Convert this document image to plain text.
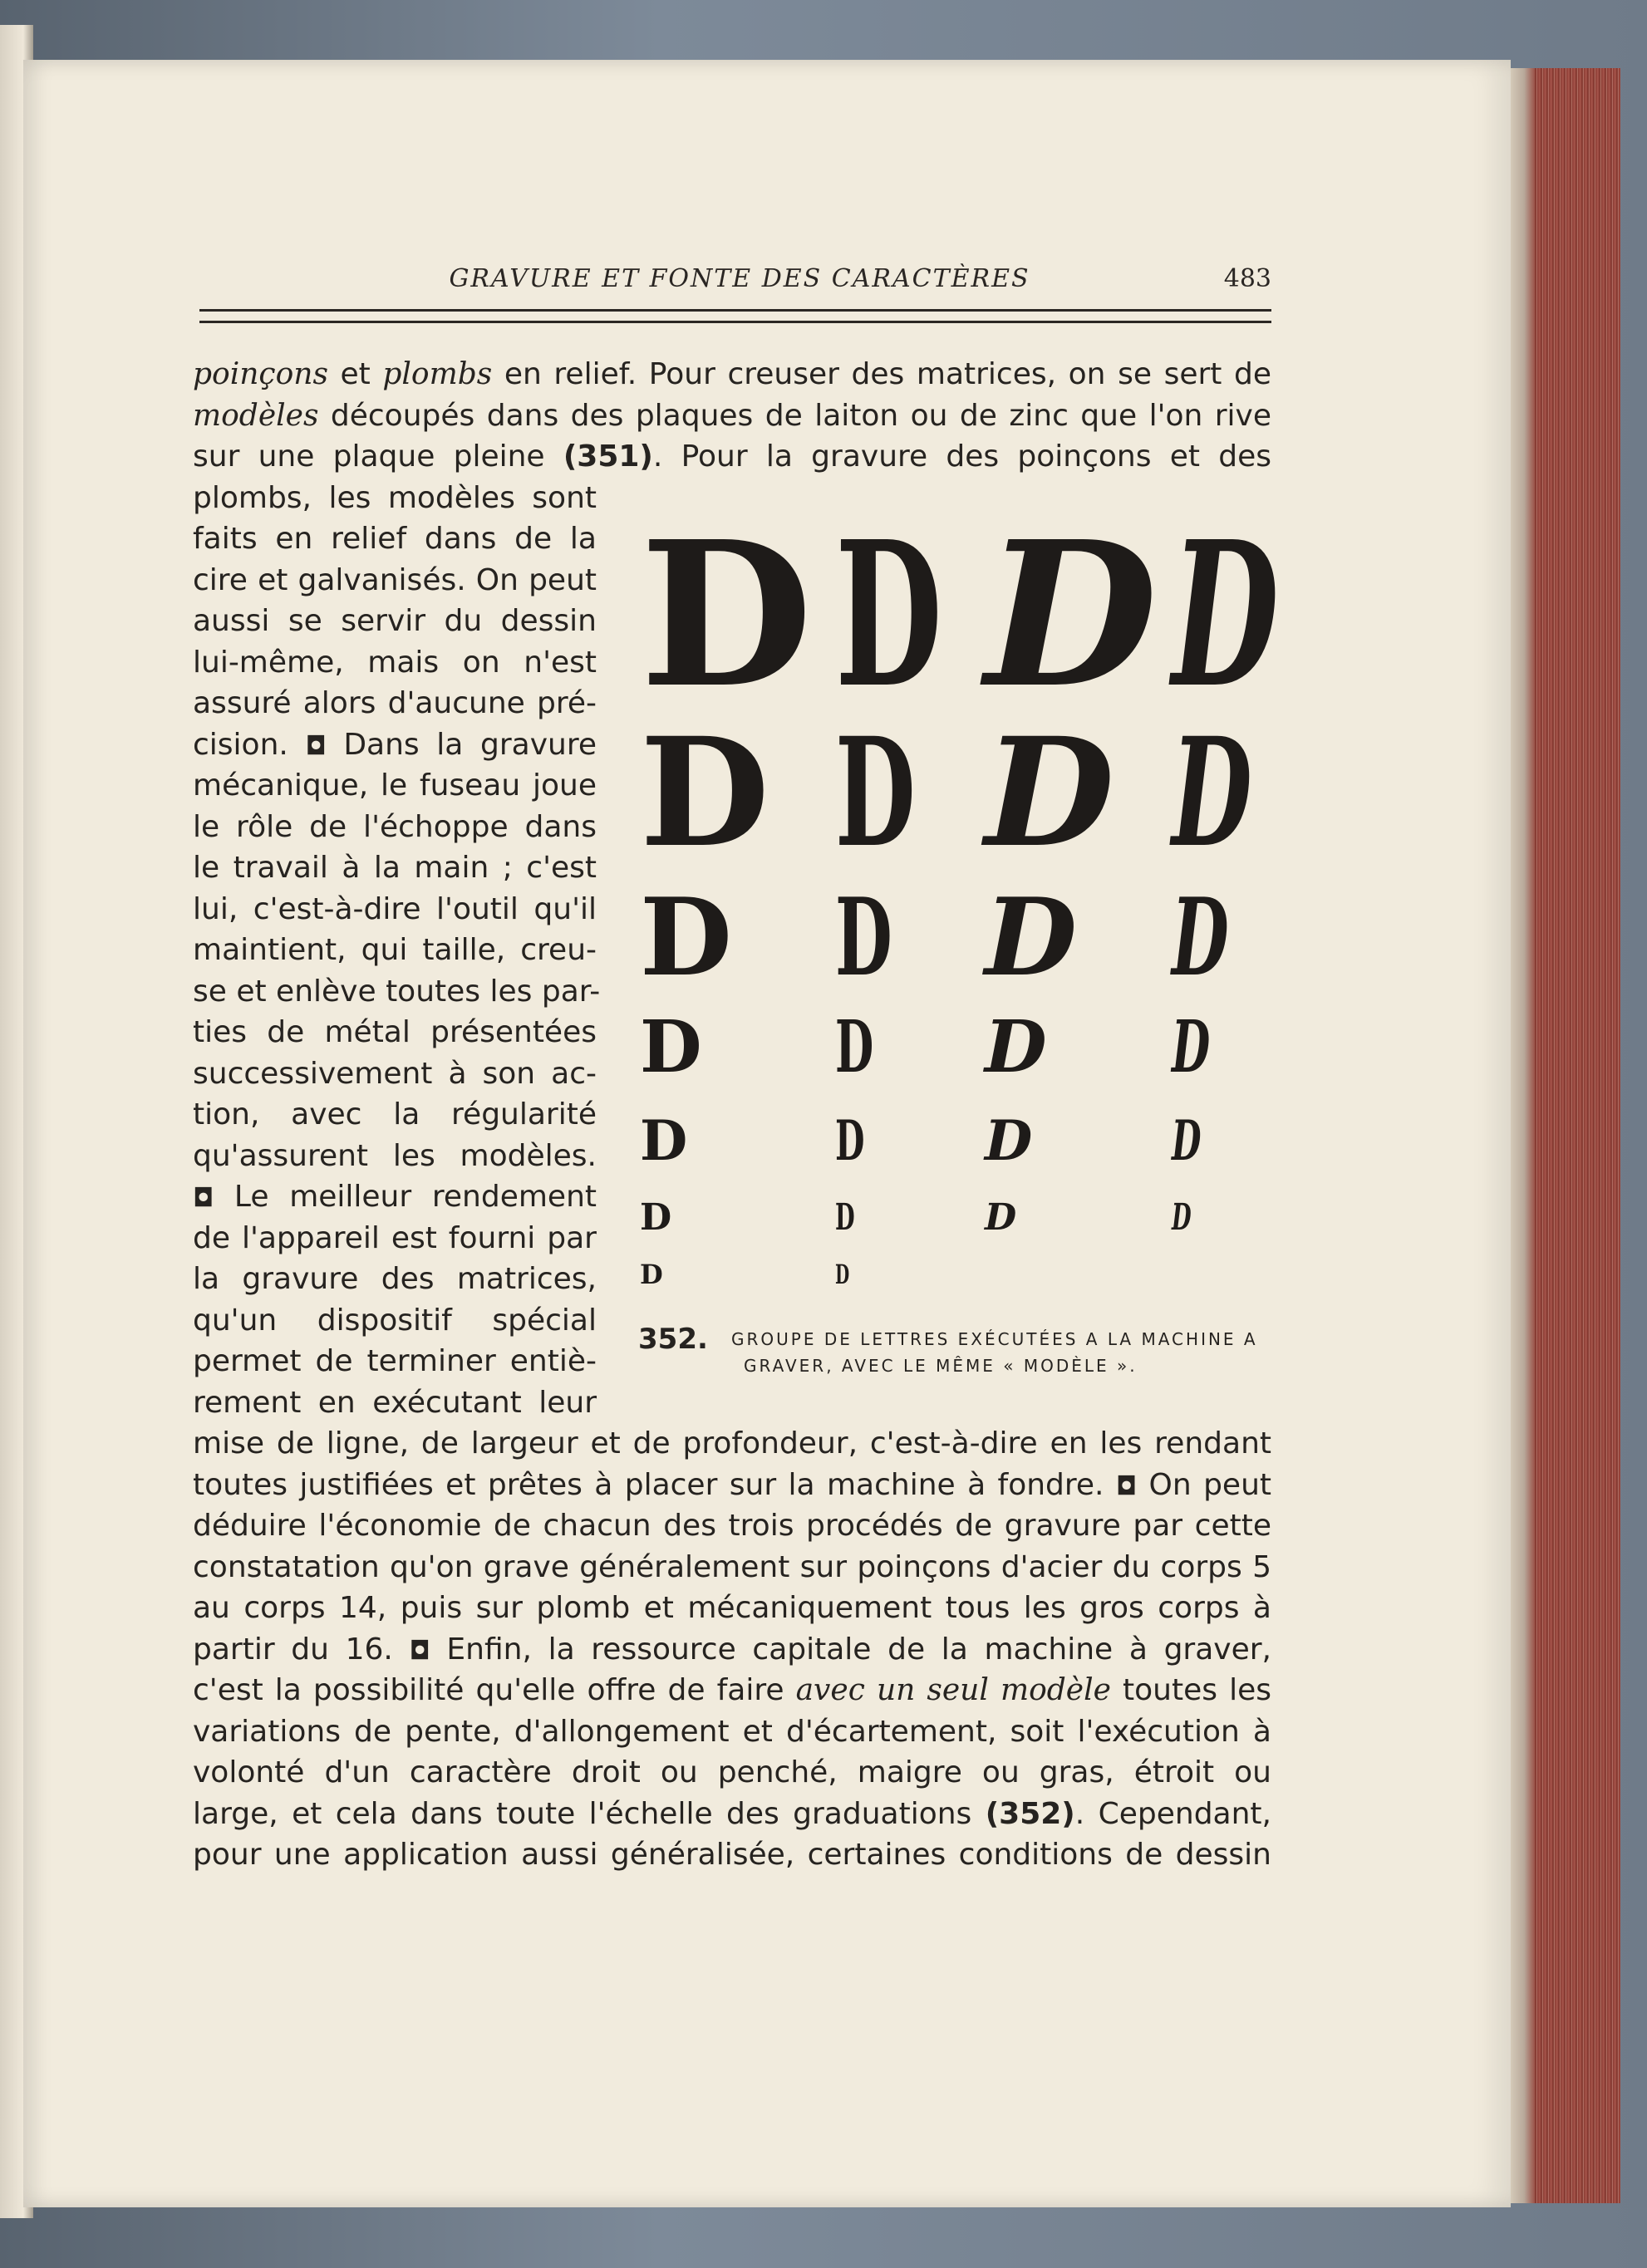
GRAVURE ET FONTE DES CARACTÈRES	483
poinçons et plombs en relief. Pour creuser des matrices, on se sert de
modèles découpés dans des plaques de laiton ou de zinc que l'on rive
sur une plaque pleine (351). Pour la gravure des poinçons et des
plombs, les modèles sont
faits en relief dans de la
cire et galvanisés. On peut
aussi se servir du dessin
lui-même, mais on n'est
assuré alors d'aucune pré-
cision. ◘ Dans la gravure
mécanique, le fuseau joue
le rôle de l'échoppe dans
le travail à la main ; c'est
lui, c'est-à-dire l'outil qu'il
maintient, qui taille, creu-
se et enlève toutes les par-
ties de métal présentées
successivement à son ac-
tion, avec la régularité
qu'assurent les modèles.
◘ Le meilleur rendement
de l'appareil est fourni par
la gravure des matrices,
qu'un dispositif spécial
permet de terminer entiè-
rement en exécutant leur
mise de ligne, de largeur et de profondeur, c'est-à-dire en les rendant
toutes justifiées et prêtes à placer sur la machine à fondre. ◘ On peut
déduire l'économie de chacun des trois procédés de gravure par cette
constatation qu'on grave généralement sur poinçons d'acier du corps 5
au corps 14, puis sur plomb et mécaniquement tous les gros corps à
partir du 16. ◘ Enfin, la ressource capitale de la machine à graver,
c'est la possibilité qu'elle offre de faire avec un seul modèle toutes les
variations de pente, d'allongement et d'écartement, soit l'exécution à
volonté d'un caractère droit ou penché, maigre ou gras, étroit ou
large, et cela dans toute l'échelle des graduations (352). Cependant,
pour une application aussi généralisée, certaines conditions de dessin
D D D D
D D D D
D D D D
D D D D
D	D D	D
D	D	D	D
D	D
352. GROUPE DE LETTRES EXÉCUTÉES A LA MACHINE A
GRAVER, AVEC LE MÊME « MODÈLE ».
